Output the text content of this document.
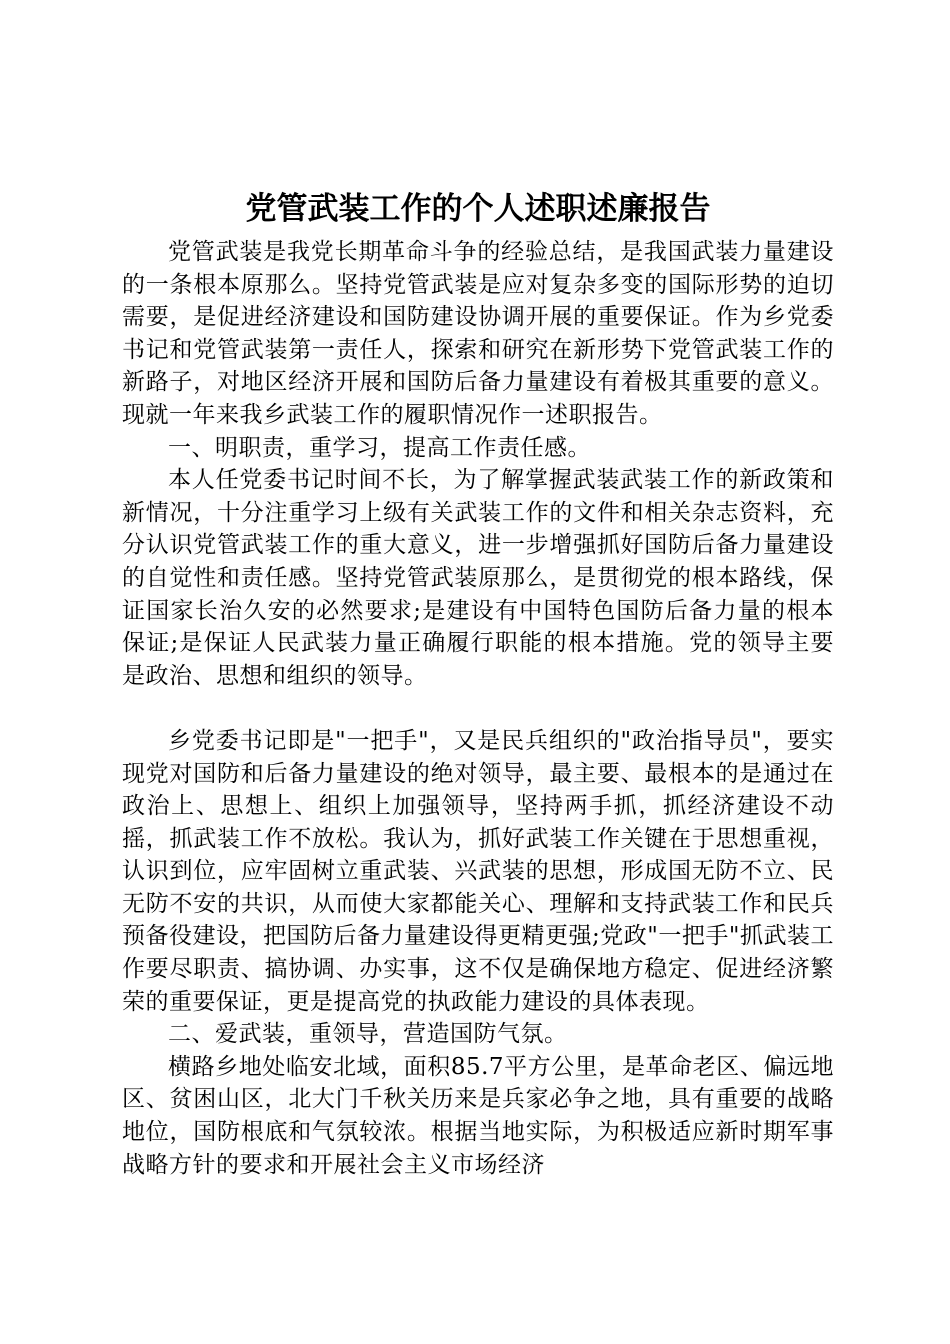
党管武装工作的个人述职述廉报告

党管武装是我党长期革命斗争的经验总结，是我国武装力量建设的一条根本原那么。坚持党管武装是应对复杂多变的国际形势的迫切需要，是促进经济建设和国防建设协调开展的重要保证。作为乡党委书记和党管武装第一责任人，探索和研究在新形势下党管武装工作的新路子，对地区经济开展和国防后备力量建设有着极其重要的意义。现就一年来我乡武装工作的履职情况作一述职报告。

一、明职责，重学习，提高工作责任感。

本人任党委书记时间不长，为了解掌握武装武装工作的新政策和新情况，十分注重学习上级有关武装工作的文件和相关杂志资料，充分认识党管武装工作的重大意义，进一步增强抓好国防后备力量建设的自觉性和责任感。坚持党管武装原那么，是贯彻党的根本路线，保证国家长治久安的必然要求;是建设有中国特色国防后备力量的根本保证;是保证人民武装力量正确履行职能的根本措施。党的领导主要是政治、思想和组织的领导。

乡党委书记即是"一把手"，又是民兵组织的"政治指导员"，要实现党对国防和后备力量建设的绝对领导，最主要、最根本的是通过在政治上、思想上、组织上加强领导，坚持两手抓，抓经济建设不动摇，抓武装工作不放松。我认为，抓好武装工作关键在于思想重视，认识到位，应牢固树立重武装、兴武装的思想，形成国无防不立、民无防不安的共识，从而使大家都能关心、理解和支持武装工作和民兵预备役建设，把国防后备力量建设得更精更强;党政"一把手"抓武装工作要尽职责、搞协调、办实事，这不仅是确保地方稳定、促进经济繁荣的重要保证，更是提高党的执政能力建设的具体表现。

二、爱武装，重领导，营造国防气氛。

横路乡地处临安北域，面积85.7平方公里，是革命老区、偏远地区、贫困山区，北大门千秋关历来是兵家必争之地，具有重要的战略地位，国防根底和气氛较浓。根据当地实际，为积极适应新时期军事战略方针的要求和开展社会主义市场经济
